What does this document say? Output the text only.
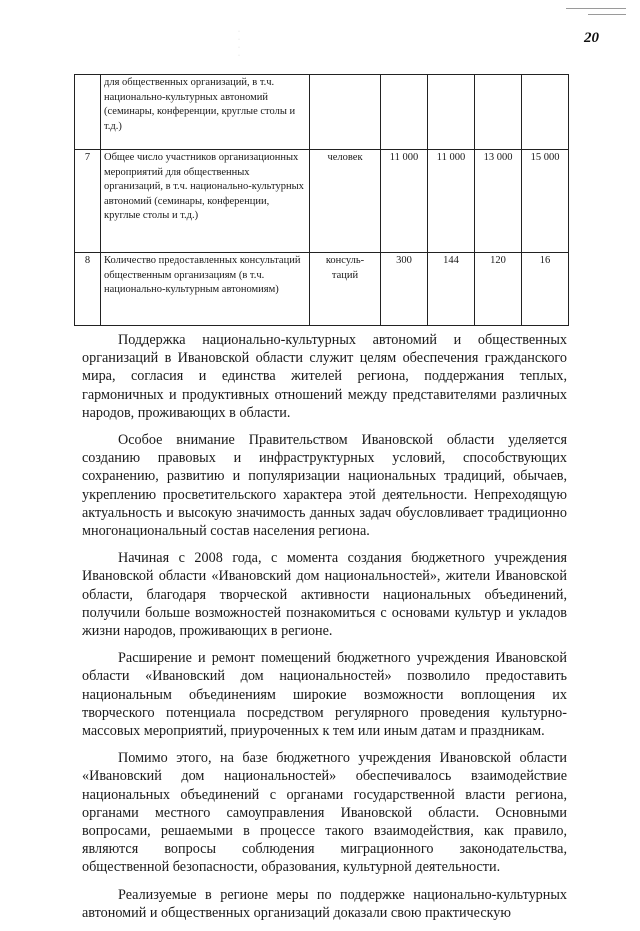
·
·
·
·
20
	для общественных организаций, в т.ч. национально-культурных автономий (семинары, конференции, круглые столы и т.д.)					
7	Общее число участников организационных мероприятий для общественных организаций, в т.ч. национально-культурных автономий (семинары, конференции, круглые столы и т.д.)	человек	11 000	11 000	13 000	15 000
8	Количество предоставленных консультаций общественным организациям (в т.ч. национально-культурным автономиям)	консуль-таций	300	144	120	16

Поддержка национально-культурных автономий и общественных организаций в Ивановской области служит целям обеспечения гражданского мира, согласия и единства жителей региона, поддержания теплых, гармоничных и продуктивных отношений между представителями различных народов, проживающих в области.

Особое внимание Правительством Ивановской области уделяется созданию правовых и инфраструктурных условий, способствующих сохранению, развитию и популяризации национальных традиций, обычаев, укреплению просветительского характера этой деятельности. Непреходящую актуальность и высокую значимость данных задач обусловливает традиционно многонациональный состав населения региона.

Начиная с 2008 года, с момента создания бюджетного учреждения Ивановской области «Ивановский дом национальностей», жители Ивановской области, благодаря творческой активности национальных объединений, получили больше возможностей познакомиться с основами культур и укладов жизни народов, проживающих в регионе.

Расширение и ремонт помещений бюджетного учреждения Ивановской области «Ивановский дом национальностей» позволило предоставить национальным объединениям широкие возможности воплощения их творческого потенциала посредством регулярного проведения культурно-массовых мероприятий, приуроченных к тем или иным датам и праздникам.

Помимо этого, на базе бюджетного учреждения Ивановской области «Ивановский дом национальностей» обеспечивалось взаимодействие национальных объединений с органами государственной власти региона, органами местного самоуправления Ивановской области. Основными вопросами, решаемыми в процессе такого взаимодействия, как правило, являются вопросы соблюдения миграционного законодательства, общественной безопасности, образования, культурной деятельности.

Реализуемые в регионе меры по поддержке национально-культурных автономий и общественных организаций доказали свою практическую
